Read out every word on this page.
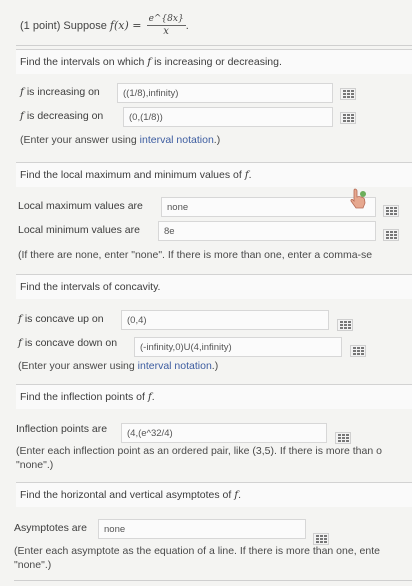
(1 point) Suppose $f(x) = \frac{e\^{}\{8x\}}{x}$ .
Find the intervals on which f is increasing or decreasing.
f is increasing on	((1/8),infinity)
f is decreasing on	(0,(1/8))
(Enter your answer using interval notation.)
Find the local maximum and minimum values of f.
Local maximum values are	none
Local minimum values are	8e
(If there are none, enter "none". If there is more than one, enter a comma-se
Find the intervals of concavity.
f is concave up on	(0,4)
f is concave down on	(-infinity,0)U(4,infinity)
(Enter your answer using interval notation.)
Find the inflection points of f.
Inflection points are	(4,(e^32/4)
(Enter each inflection point as an ordered pair, like (3,5). If there is more than o
"none".)
Find the horizontal and vertical asymptotes of f.
Asymptotes are	none
(Enter each asymptote as the equation of a line. If there is more than one, ente
"none".)
